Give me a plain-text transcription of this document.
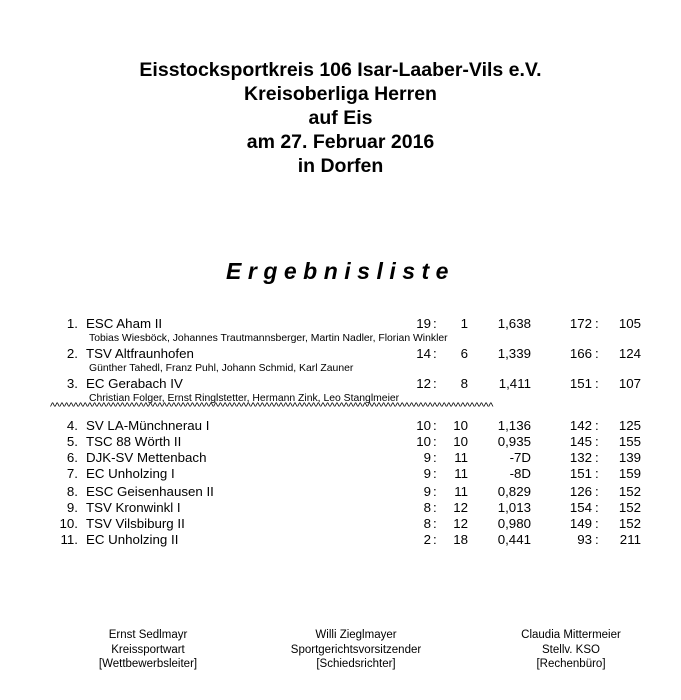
Eisstocksportkreis 106 Isar-Laaber-Vils e.V.
Kreisoberliga Herren
auf Eis
am 27. Februar 2016
in Dorfen
Ergebnisliste
1. ESC Aham II	19 : 1 1,638	172 : 105
Tobias Wiesböck, Johannes Trautmannsberger, Martin Nadler, Florian Winkler
2. TSV Altfraunhofen	14 : 6 1,339	166 : 124
Günther Tahedl, Franz Puhl, Johann Schmid, Karl Zauner
3. EC Gerabach IV	12 : 8 1,411	151 : 107
Christian Folger, Ernst Ringlstetter, Hermann Zink, Leo Stanglmeier
4. SV LA-Münchnerau I	10 : 10 1,136	142 : 125
5. TSC 88 Wörth II	10 : 10 0,935	145 : 155
6. DJK-SV Mettenbach	9 : 11	-7D	132 : 139
7. EC Unholzing I	9 : 11	-8D	151 : 159
8. ESC Geisenhausen II	9 : 11 0,829	126 : 152
9. TSV Kronwinkl I	8 : 12 1,013	154 : 152
10. TSV Vilsbiburg II	8 : 12 0,980	149 : 152
11. EC Unholzing II	2 : 18 0,441	93 : 211
^^^^^^^^^^^^^^^^^^^^^^^^^^^^^^^^^^^^^^^^^^^^^^^^^^^^^^^^^^^^^^^^^^^^^^^^^^^^^^^^^^^^^^^^^^^^^^^
Ernst Sedlmayr
Kreissportwart
[Wettbewerbsleiter]
Willi Zieglmayer
Sportgerichtsvorsitzender
[Schiedsrichter]
Claudia Mittermeier
Stellv. KSO
[Rechenbüro]
